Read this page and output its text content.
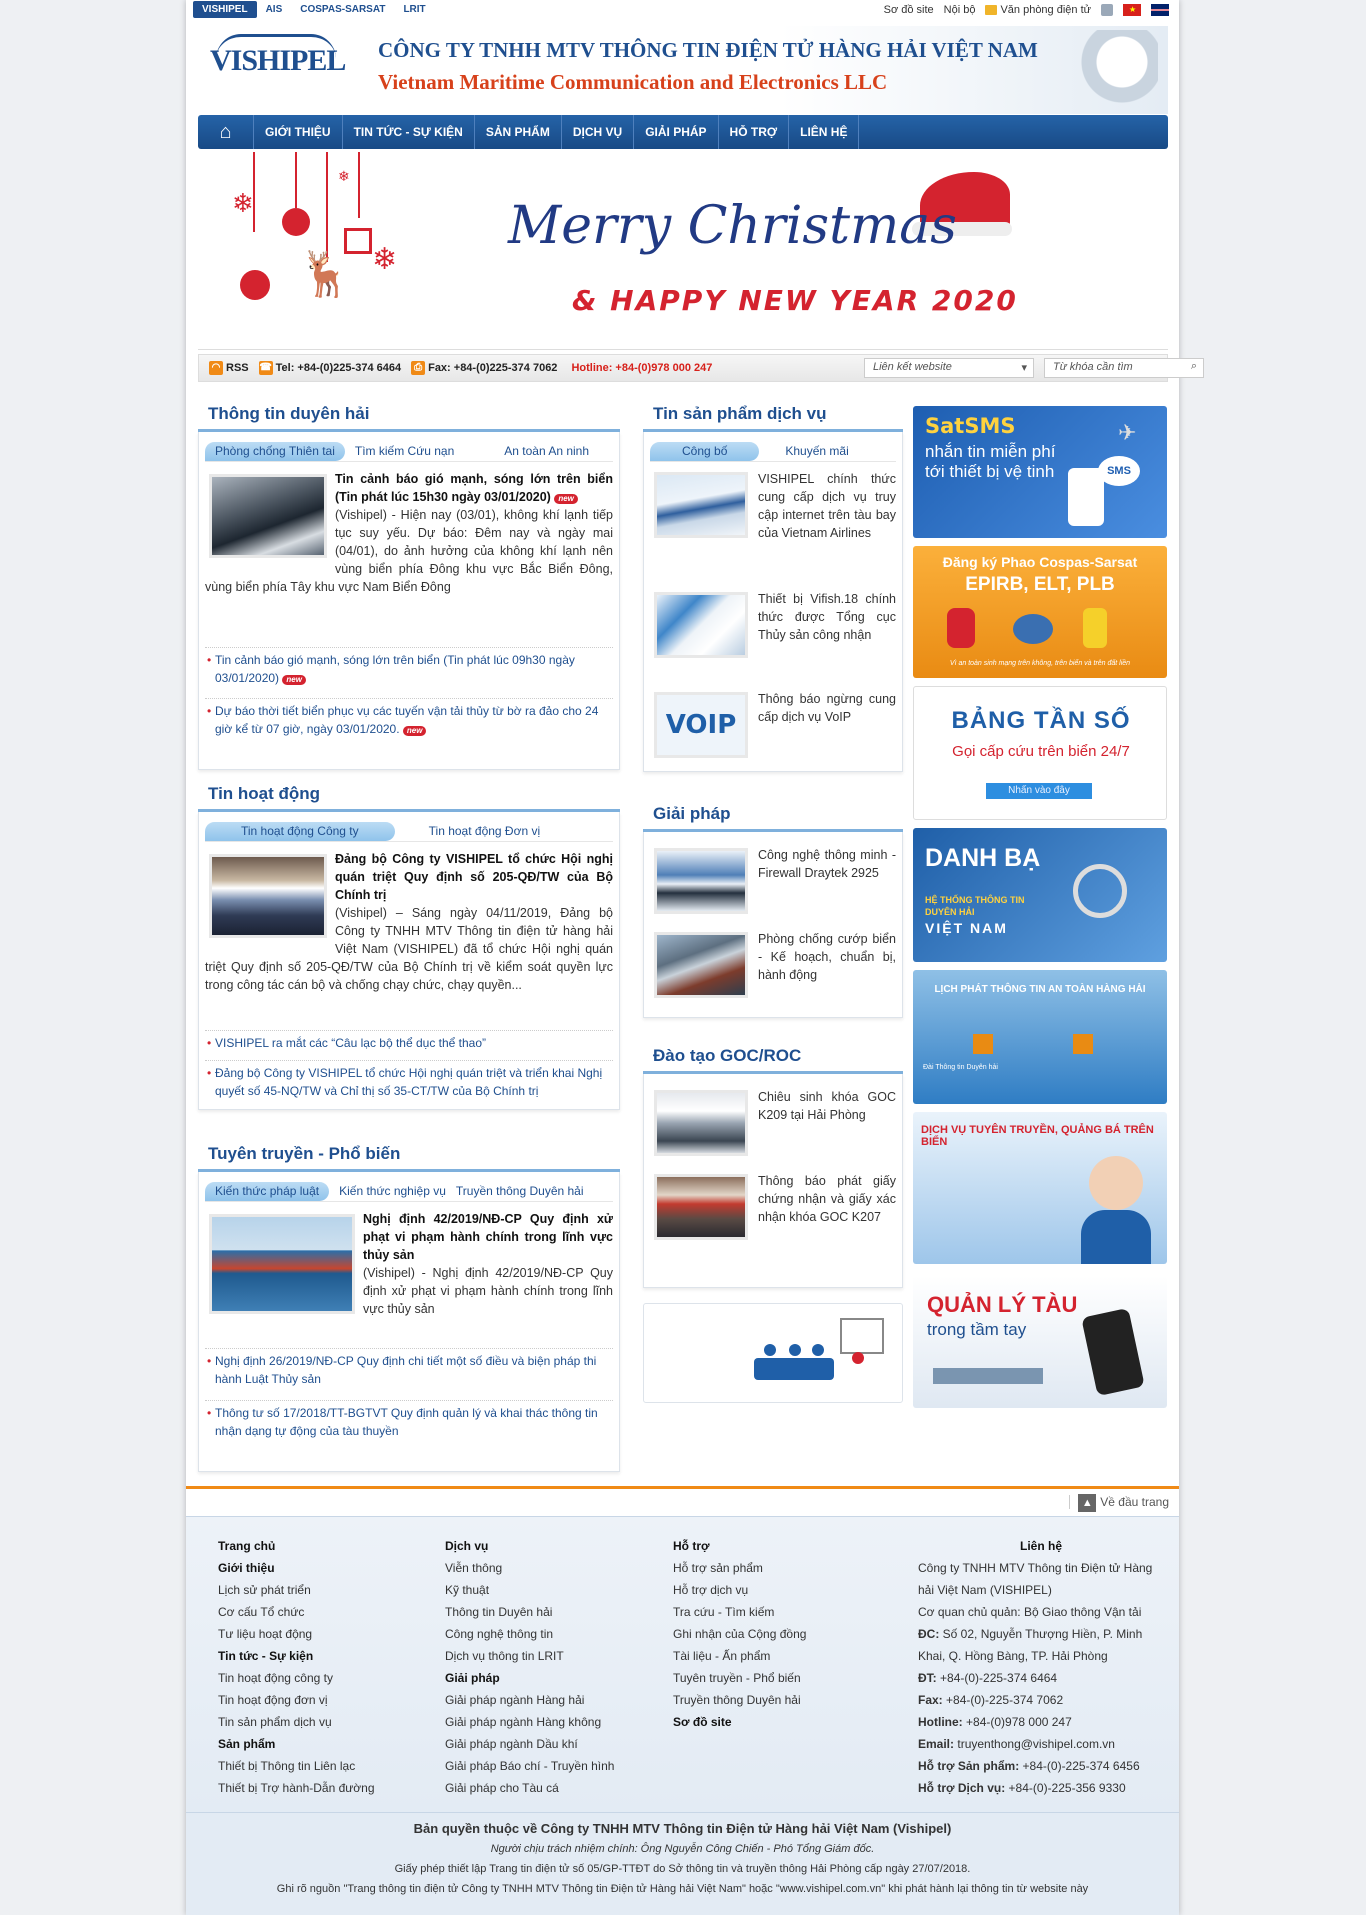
VISHIPEL	AIS	COSPAS-SARSAT	LRIT	Sơ đồ site Nội bộ	Văn phòng điện tử	★
VISHIPEL CÔNG TY TNHH MTV THÔNG TIN ĐIỆN TỬ HÀNG HẢI VIỆT NAM
Vietnam Maritime Communication and Electronics LLC
⌂	GIỚI THIỆU	TIN TỨC - SỰ KIỆN	SẢN PHẨM	DỊCH VỤ	GIẢI PHÁP	HỖ TRỢ	LIÊN HỆ
❄
❄
❄
🦌
Merry Christmas
& HAPPY NEW YEAR 2020
◠ RSS ☎ Tel: +84-(0)225-374 6464	⎙ Fax: +84-(0)225-374 7062 Hotline: +84-(0)978 000 247	Liên kết website	▾	Từ khóa cần tìm	⌕
Thông tin duyên hải
Phòng chống Thiên tai	Tìm kiếm Cứu nạn	An toàn An ninh
Tin cảnh báo gió mạnh, sóng lớn trên biển (Tin phát lúc 15h30 ngày 03/01/2020) new
(Vishipel) - Hiện nay (03/01), không khí lạnh tiếp tục suy yếu. Dự báo: Đêm nay và ngày mai (04/01), do ảnh hưởng của không khí lạnh nên vùng biển phía Đông khu vực Bắc Biển Đông, vùng biển phía Tây khu vực Nam Biển Đông
• Tin cảnh báo gió mạnh, sóng lớn trên biển (Tin phát lúc 09h30 ngày 03/01/2020) new
• Dự báo thời tiết biển phục vụ các tuyến vận tải thủy từ bờ ra đảo cho 24 giờ kể từ 07 giờ, ngày 03/01/2020. new
Tin hoạt động
Tin hoạt động Công ty	Tin hoạt động Đơn vị
Đảng bộ Công ty VISHIPEL tổ chức Hội nghị quán triệt Quy định số 205-QĐ/TW của Bộ Chính trị
(Vishipel) – Sáng ngày 04/11/2019, Đảng bộ Công ty TNHH MTV Thông tin điện tử hàng hải Việt Nam (VISHIPEL) đã tổ chức Hội nghị quán triệt Quy định số 205-QĐ/TW của Bộ Chính trị về kiểm soát quyền lực trong công tác cán bộ và chống chạy chức, chạy quyền...
• VISHIPEL ra mắt các “Câu lạc bộ thể dục thể thao”
• Đảng bộ Công ty VISHIPEL tổ chức Hội nghị quán triệt và triển khai Nghị quyết số 45-NQ/TW và Chỉ thị số 35-CT/TW của Bộ Chính trị
Tuyên truyền - Phổ biến
Kiến thức pháp luật	Kiến thức nghiệp vụ Truyền thông Duyên hải
Nghị định 42/2019/NĐ-CP Quy định xử phạt vi phạm hành chính trong lĩnh vực thủy sản
(Vishipel) - Nghị định 42/2019/NĐ-CP Quy định xử phạt vi phạm hành chính trong lĩnh vực thủy sản
• Nghị định 26/2019/NĐ-CP Quy định chi tiết một số điều và biện pháp thi hành Luật Thủy sản
• Thông tư số 17/2018/TT-BGTVT Quy định quản lý và khai thác thông tin nhận dạng tự động của tàu thuyền
Tin sản phẩm dịch vụ
Công bố	Khuyến mãi
VISHIPEL chính thức cung cấp dịch vụ truy cập internet trên tàu bay của Vietnam Airlines
Thiết bị Vifish.18 chính thức được Tổng cục Thủy sản công nhận
VOIP
Thông báo ngừng cung cấp dịch vụ VoIP
Giải pháp
Công nghệ thông minh - Firewall Draytek 2925
Phòng chống cướp biển - Kế hoạch, chuẩn bị, hành động
Đào tạo GOC/ROC
Chiêu sinh khóa GOC K209 tại Hải Phòng
Thông báo phát giấy chứng nhận và giấy xác nhận khóa GOC K207
SatSMS
nhắn tin miễn phí tới thiết bị vệ tinh	SMS
✈
Đăng ký Phao Cospas-Sarsat
EPIRB, ELT, PLB
Vì an toàn sinh mạng trên không, trên biển và trên đất liền
BẢNG TẦN SỐ
Gọi cấp cứu trên biển 24/7
Nhấn vào đây
DANH BẠ
HỆ THỐNG THÔNG TIN DUYÊN HẢI
VIỆT NAM
LỊCH PHÁT THÔNG TIN AN TOÀN HÀNG HẢI
Đài Thông tin Duyên hải
DỊCH VỤ TUYÊN TRUYỀN, QUẢNG BÁ TRÊN BIỂN
QUẢN LÝ TÀU
trong tầm tay
▲ Về đầu trang
Trang chủ
Giới thiệu
Lịch sử phát triển
Cơ cấu Tổ chức
Tư liệu hoạt động
Tin tức - Sự kiện
Tin hoạt động công ty
Tin hoạt động đơn vị
Tin sản phẩm dịch vụ
Sản phẩm
Thiết bị Thông tin Liên lạc
Thiết bị Trợ hành-Dẫn đường
Dịch vụ
Viễn thông
Kỹ thuật
Thông tin Duyên hải
Công nghệ thông tin
Dịch vụ thông tin LRIT
Giải pháp
Giải pháp ngành Hàng hải
Giải pháp ngành Hàng không
Giải pháp ngành Dầu khí
Giải pháp Báo chí - Truyền hình
Giải pháp cho Tàu cá
Hỗ trợ
Hỗ trợ sản phẩm
Hỗ trợ dịch vụ
Tra cứu - Tìm kiếm
Ghi nhận của Cộng đồng
Tài liệu - Ấn phẩm
Tuyên truyền - Phổ biến
Truyền thông Duyên hải
Sơ đồ site
Liên hệ
Công ty TNHH MTV Thông tin Điện tử Hàng hải Việt Nam (VISHIPEL)
Cơ quan chủ quản: Bộ Giao thông Vận tải
ĐC: Số 02, Nguyễn Thượng Hiền, P. Minh Khai, Q. Hồng Bàng, TP. Hải Phòng
ĐT: +84-(0)-225-374 6464
Fax: +84-(0)-225-374 7062
Hotline: +84-(0)978 000 247
Email: truyenthong@vishipel.com.vn
Hỗ trợ Sản phẩm: +84-(0)-225-374 6456
Hỗ trợ Dịch vụ: +84-(0)-225-356 9330
Bản quyền thuộc về Công ty TNHH MTV Thông tin Điện tử Hàng hải Việt Nam (Vishipel)
Người chịu trách nhiệm chính: Ông Nguyễn Công Chiến - Phó Tổng Giám đốc.
Giấy phép thiết lập Trang tin điện tử số 05/GP-TTĐT do Sở thông tin và truyền thông Hải Phòng cấp ngày 27/07/2018.
Ghi rõ nguồn "Trang thông tin điện tử Công ty TNHH MTV Thông tin Điện tử Hàng hải Việt Nam" hoặc "www.vishipel.com.vn" khi phát hành lại thông tin từ website này
